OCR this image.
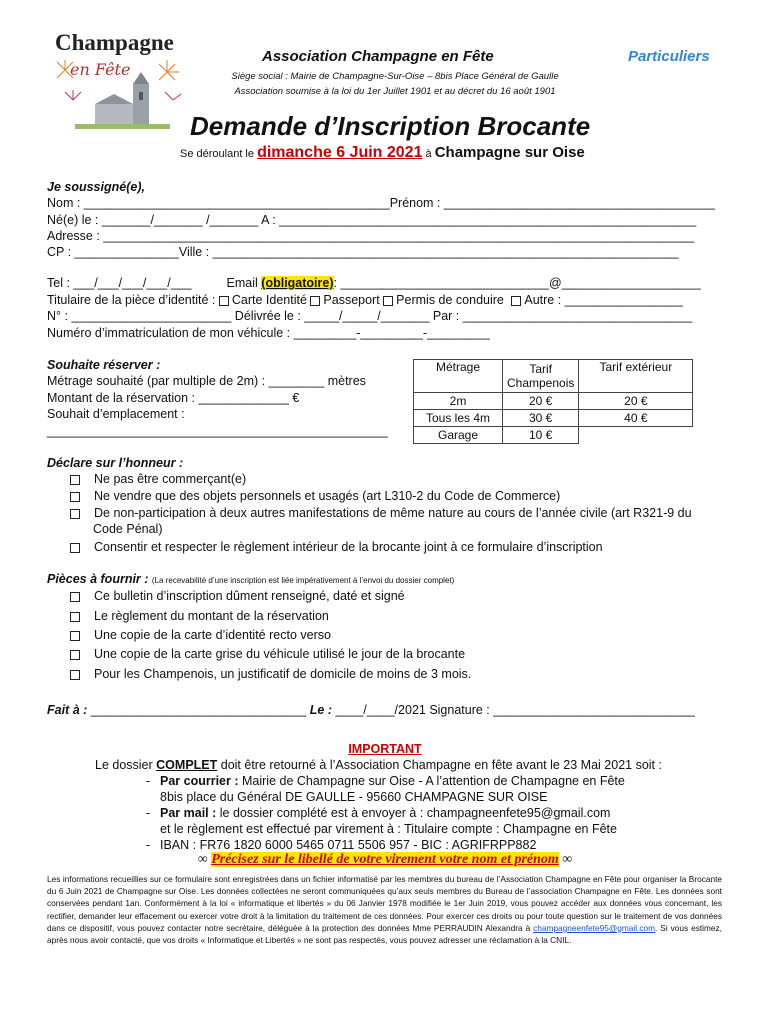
Champagne
en Fête
Association Champagne en Fête	Particuliers
Siège social : Mairie de Champagne-Sur-Oise – 8bis Place Général de Gaulle
Association soumise à la loi du 1er Juillet 1901 et au décret du 16 août 1901
Demande d’Inscription Brocante
Se déroulant le dimanche 6 Juin 2021 à Champagne sur Oise
Je soussigné(e),
Nom : ____________________________________________Prénom : _______________________________________
Né(e) le : _______/_______ /_______ A : ____________________________________________________________
Adresse : _____________________________________________________________________________________
CP : _______________Ville : ___________________________________________________________________
Tel : ___/___/___/___/___	Email (obligatoire): ______________________________@____________________
Titulaire de la pièce d’identité : Carte Identité Passeport Permis de conduire Autre : _________________
N° : _______________________ Délivrée le : _____/_____/_______ Par : _________________________________
Numéro d’immatriculation de mon véhicule : _________-_________-_________
Souhaite réserver :
Métrage souhaité (par multiple de 2m) : ________ mètres
Montant de la réservation : _____________ €
Souhait d’emplacement :
_________________________________________________
Métrage	Tarif Champenois	Tarif extérieur
2m	20 €	20 €
Tous les 4m	30 €	40 €
Garage	10 €	
Déclare sur l’honneur :
Ne pas être commerçant(e)
Ne vendre que des objets personnels et usagés (art L310-2 du Code de Commerce)
De non-participation à deux autres manifestations de même nature au cours de l’année civile (art R321-9 du
Code Pénal)
Consentir et respecter le règlement intérieur de la brocante joint à ce formulaire d’inscription
Pièces à fournir : (La recevabilité d’une inscription est liée impérativement à l’envoi du dossier complet)
Ce bulletin d’inscription dûment renseigné, daté et signé
Le règlement du montant de la réservation
Une copie de la carte d’identité recto verso
Une copie de la carte grise du véhicule utilisé le jour de la brocante
Pour les Champenois, un justificatif de domicile de moins de 3 mois.
Fait à : _______________________________ Le : ____/____/2021 Signature : _____________________________
IMPORTANT
Le dossier COMPLET doit être retourné à l’Association Champagne en fête avant le 23 Mai 2021 soit :
- Par courrier : Mairie de Champagne sur Oise - A l’attention de Champagne en Fête
8bis place du Général DE GAULLE - 95660 CHAMPAGNE SUR OISE
- Par mail : le dossier complété est à envoyer à : champagneenfete95@gmail.com
et le règlement est effectué par virement à : Titulaire compte : Champagne en Fête
- IBAN : FR76 1820 6000 5465 0711 5506 957 - BIC : AGRIFRPP882
∞ Précisez sur le libellé de votre virement votre nom et prénom ∞
Les informations recueillies sur ce formulaire sont enregistrées dans un fichier informatisé par les membres du bureau de l’Association Champagne en Fête pour organiser la Brocante du 6 Juin 2021 de Champagne sur Oise. Les données collectées ne seront communiquées qu’aux seuls membres du Bureau de l’association Champagne en Fête. Les données sont conservées pendant 1an. Conformément à la loi « informatique et libertés » du 06 Janvier 1978 modifiée le 1er Juin 2019, vous pouvez accéder aux données vous concernant, les rectifier, demander leur effacement ou exercer votre droit à la limitation du traitement de ces données. Pour exercer ces droits ou pour toute question sur le traitement de vos données dans ce dispositif, vous pouvez contacter notre secrétaire, déléguée à la protection des données Mme PERRAUDIN Alexandra à champagneenfete95@gmail.com. Si vous estimez, après nous avoir contacté, que vos droits « Informatique et Libertés » ne sont pas respectés, vous pouvez adresser une réclamation à la CNIL.
